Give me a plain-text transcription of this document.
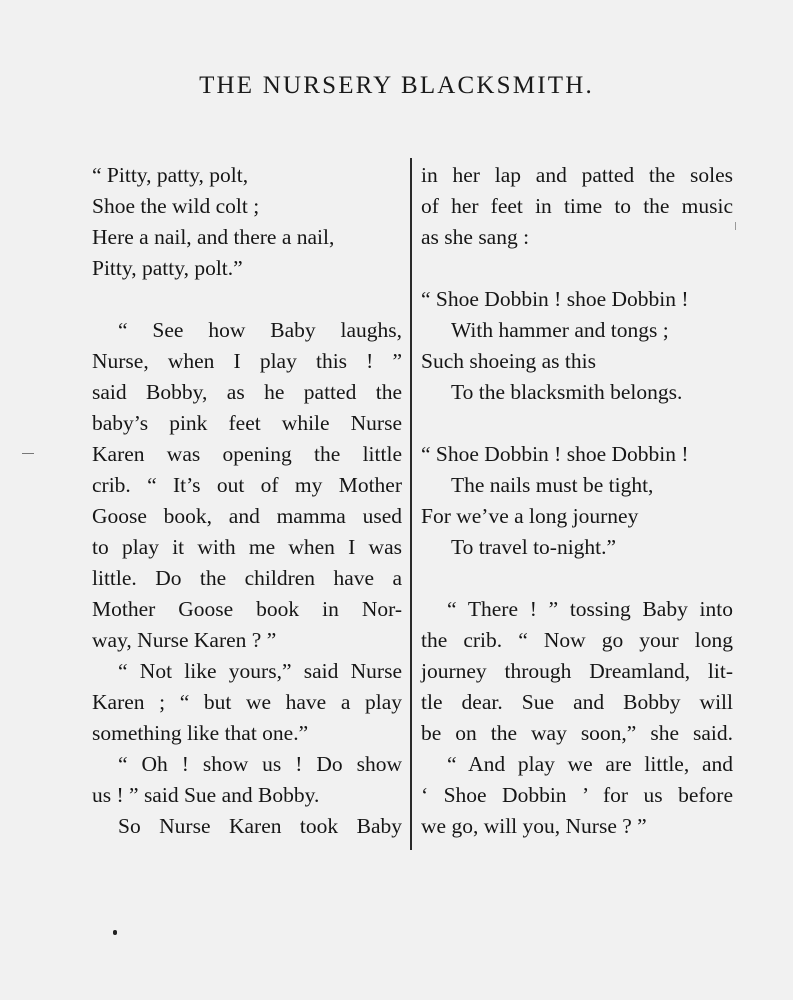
THE NURSERY BLACKSMITH.
“ Pitty, patty, polt,
Shoe the wild colt ;
Here a nail, and there a nail,
Pitty, patty, polt.”
“ See how Baby laughs,
Nurse, when I play this ! ”
said Bobby, as he patted the
baby’s pink feet while Nurse
Karen was opening the little
crib. “ It’s out of my Mother
Goose book, and mamma used
to play it with me when I was
little. Do the children have a
Mother Goose book in Nor-
way, Nurse Karen ? ”
“ Not like yours,” said Nurse
Karen ; “ but we have a play
something like that one.”
“ Oh ! show us ! Do show
us ! ” said Sue and Bobby.
So Nurse Karen took Baby
in her lap and patted the soles
of her feet in time to the music
as she sang :
“ Shoe Dobbin ! shoe Dobbin !
With hammer and tongs ;
Such shoeing as this
To the blacksmith belongs.
“ Shoe Dobbin ! shoe Dobbin !
The nails must be tight,
For we’ve a long journey
To travel to-night.”
“ There ! ” tossing Baby into
the crib. “ Now go your long
journey through Dreamland, lit-
tle dear. Sue and Bobby will
be on the way soon,” she said.
“ And play we are little, and
‘ Shoe Dobbin ’ for us before
we go, will you, Nurse ? ”
